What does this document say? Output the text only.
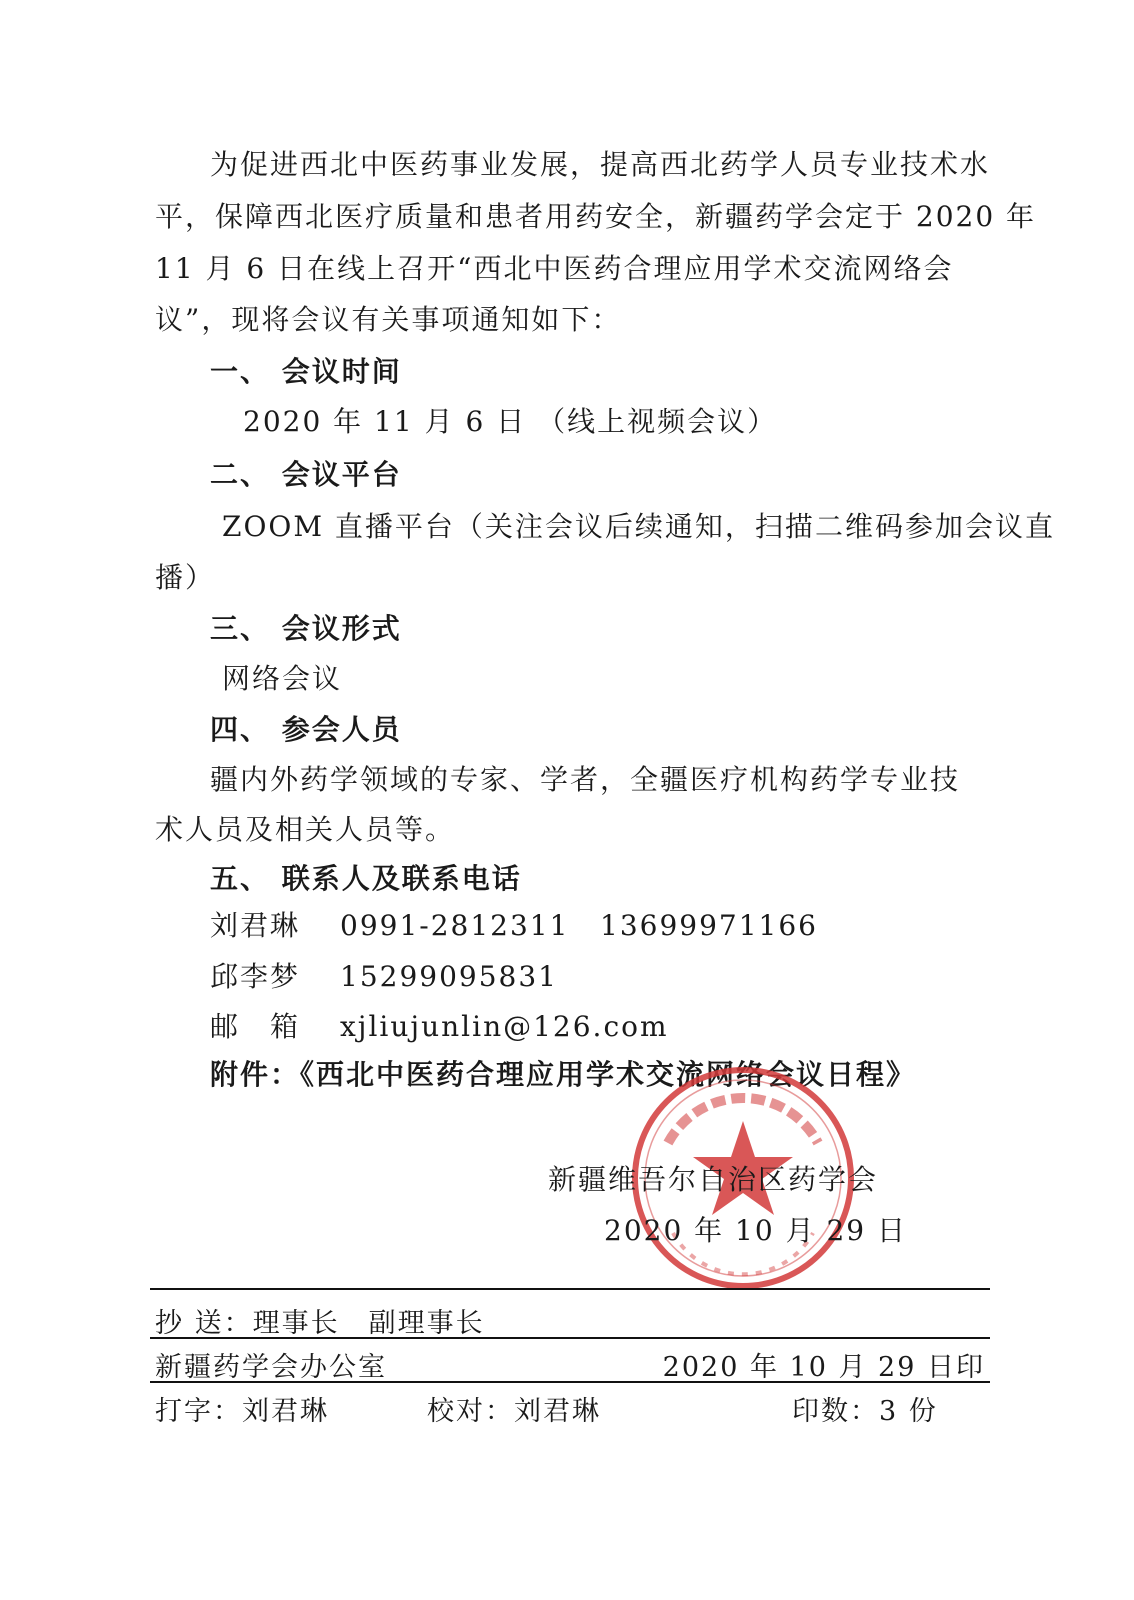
为促进西北中医药事业发展，提高西北药学人员专业技术水
平，保障西北医疗质量和患者用药安全，新疆药学会定于 2020 年
11 月 6 日在线上召开“西北中医药合理应用学术交流网络会
议”，现将会议有关事项通知如下：
一、 会议时间
2020 年 11 月 6 日 （线上视频会议）
二、 会议平台
ZOOM 直播平台（关注会议后续通知，扫描二维码参加会议直
播）
三、 会议形式
网络会议
四、 参会人员
疆内外药学领域的专家、学者，全疆医疗机构药学专业技
术人员及相关人员等。
五、 联系人及联系电话
刘君琳 0991-2812311 13699971166
邱李梦 15299095831
邮　箱 xjliujunlin@126.com
附件：《西北中医药合理应用学术交流网络会议日程》
新疆维吾尔自治区药学会
2020 年 10 月 29 日
抄 送：理事长　副理事长
新疆药学会办公室	2020 年 10 月 29 日印
打字：刘君琳	校对：刘君琳	印数：3 份
